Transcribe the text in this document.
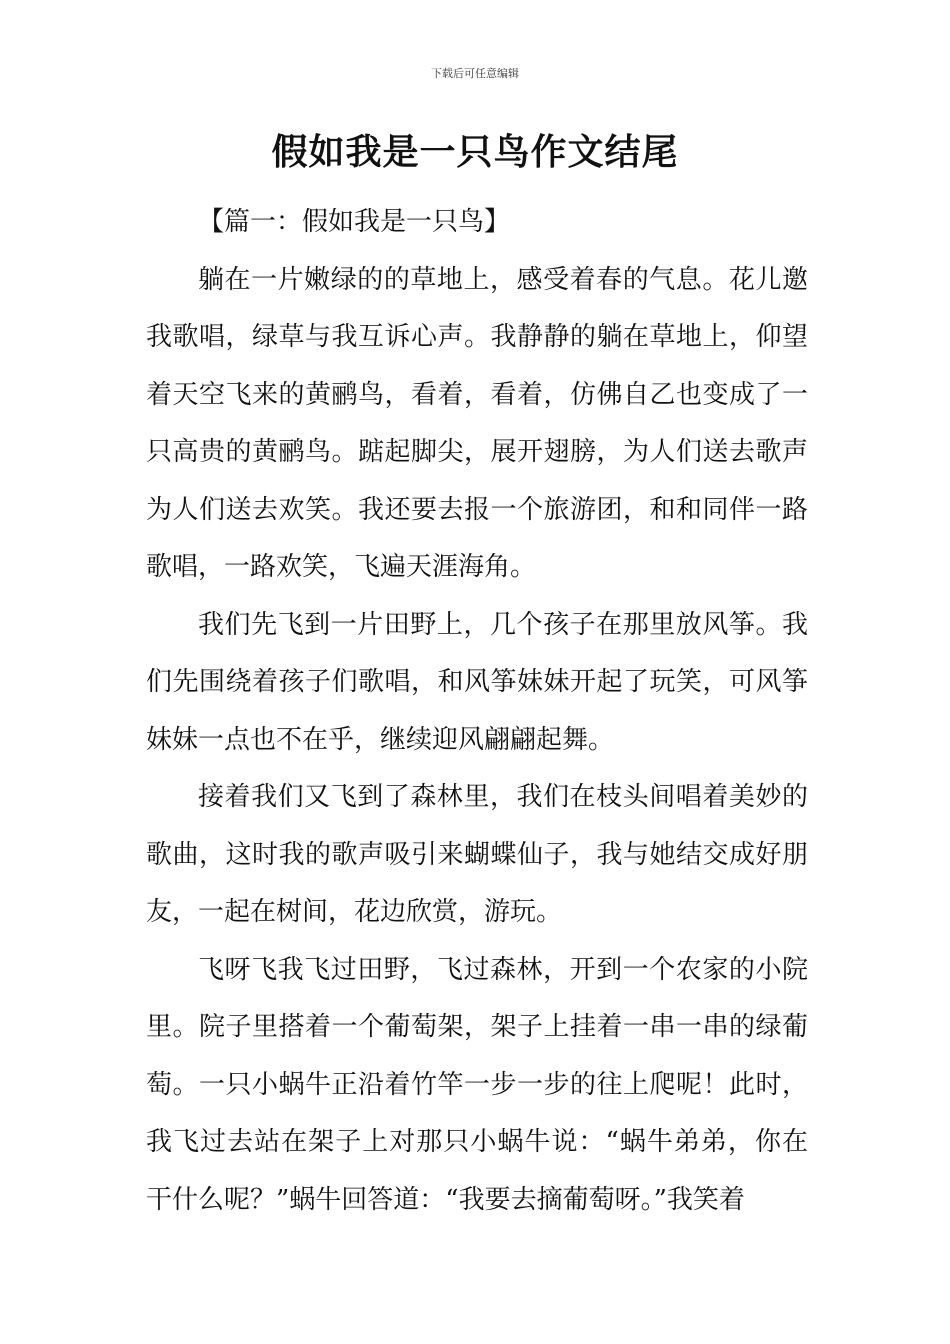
下载后可任意编辑
假如我是一只鸟作文结尾

【篇一：假如我是一只鸟】

躺在一片嫩绿的的草地上，感受着春的气息。花儿邀我歌唱，绿草与我互诉心声。我静静的躺在草地上，仰望着天空飞来的黄鹂鸟，看着，看着，仿佛自乙也变成了一只高贵的黄鹂鸟。踮起脚尖，展开翅膀，为人们送去歌声为人们送去欢笑。我还要去报一个旅游团，和和同伴一路歌唱，一路欢笑，飞遍天涯海角。

我们先飞到一片田野上，几个孩子在那里放风筝。我们先围绕着孩子们歌唱，和风筝妹妹开起了玩笑，可风筝妹妹一点也不在乎，继续迎风翩翩起舞。

接着我们又飞到了森林里，我们在枝头间唱着美妙的歌曲，这时我的歌声吸引来蝴蝶仙子，我与她结交成好朋友，一起在树间，花边欣赏，游玩。

飞呀飞我飞过田野，飞过森林，开到一个农家的小院里。院子里搭着一个葡萄架，架子上挂着一串一串的绿葡萄。一只小蜗牛正沿着竹竿一步一步的往上爬呢！此时，我飞过去站在架子上对那只小蜗牛说：“蜗牛弟弟，你在干什么呢？”蜗牛回答道：“我要去摘葡萄呀。”我笑着
